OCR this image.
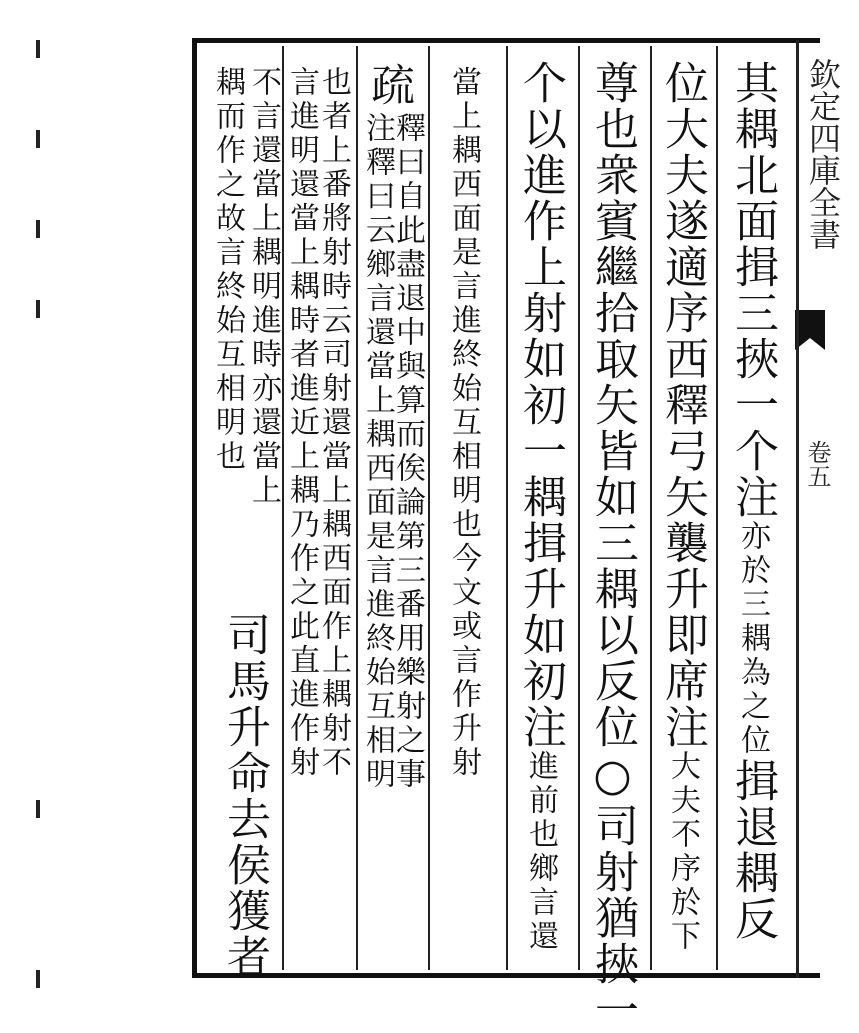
欽定四庫全書
卷五
其耦北面揖三挾一个注亦於三耦為之位揖退耦反
位大夫遂適序西釋弓矢襲升即席注大夫不序於下
尊也衆賓繼拾取矢皆如三耦以反位○司射猶挾一
个以進作上射如初一耦揖升如初注進前也鄉言還
當上耦西面是言進終始互相明也今文或言作升射
疏
釋曰自此盡退中與算而俟論第三番用樂射之事
注釋曰云鄉言還當上耦西面是言進終始互相明
也者上番將射時云司射還當上耦西面作上耦射不
言進明還當上耦時者進近上耦乃作之此直進作射
不言還當上耦明進時亦還當上
耦而作之故言終始互相明也
司馬升命去侯獲者
